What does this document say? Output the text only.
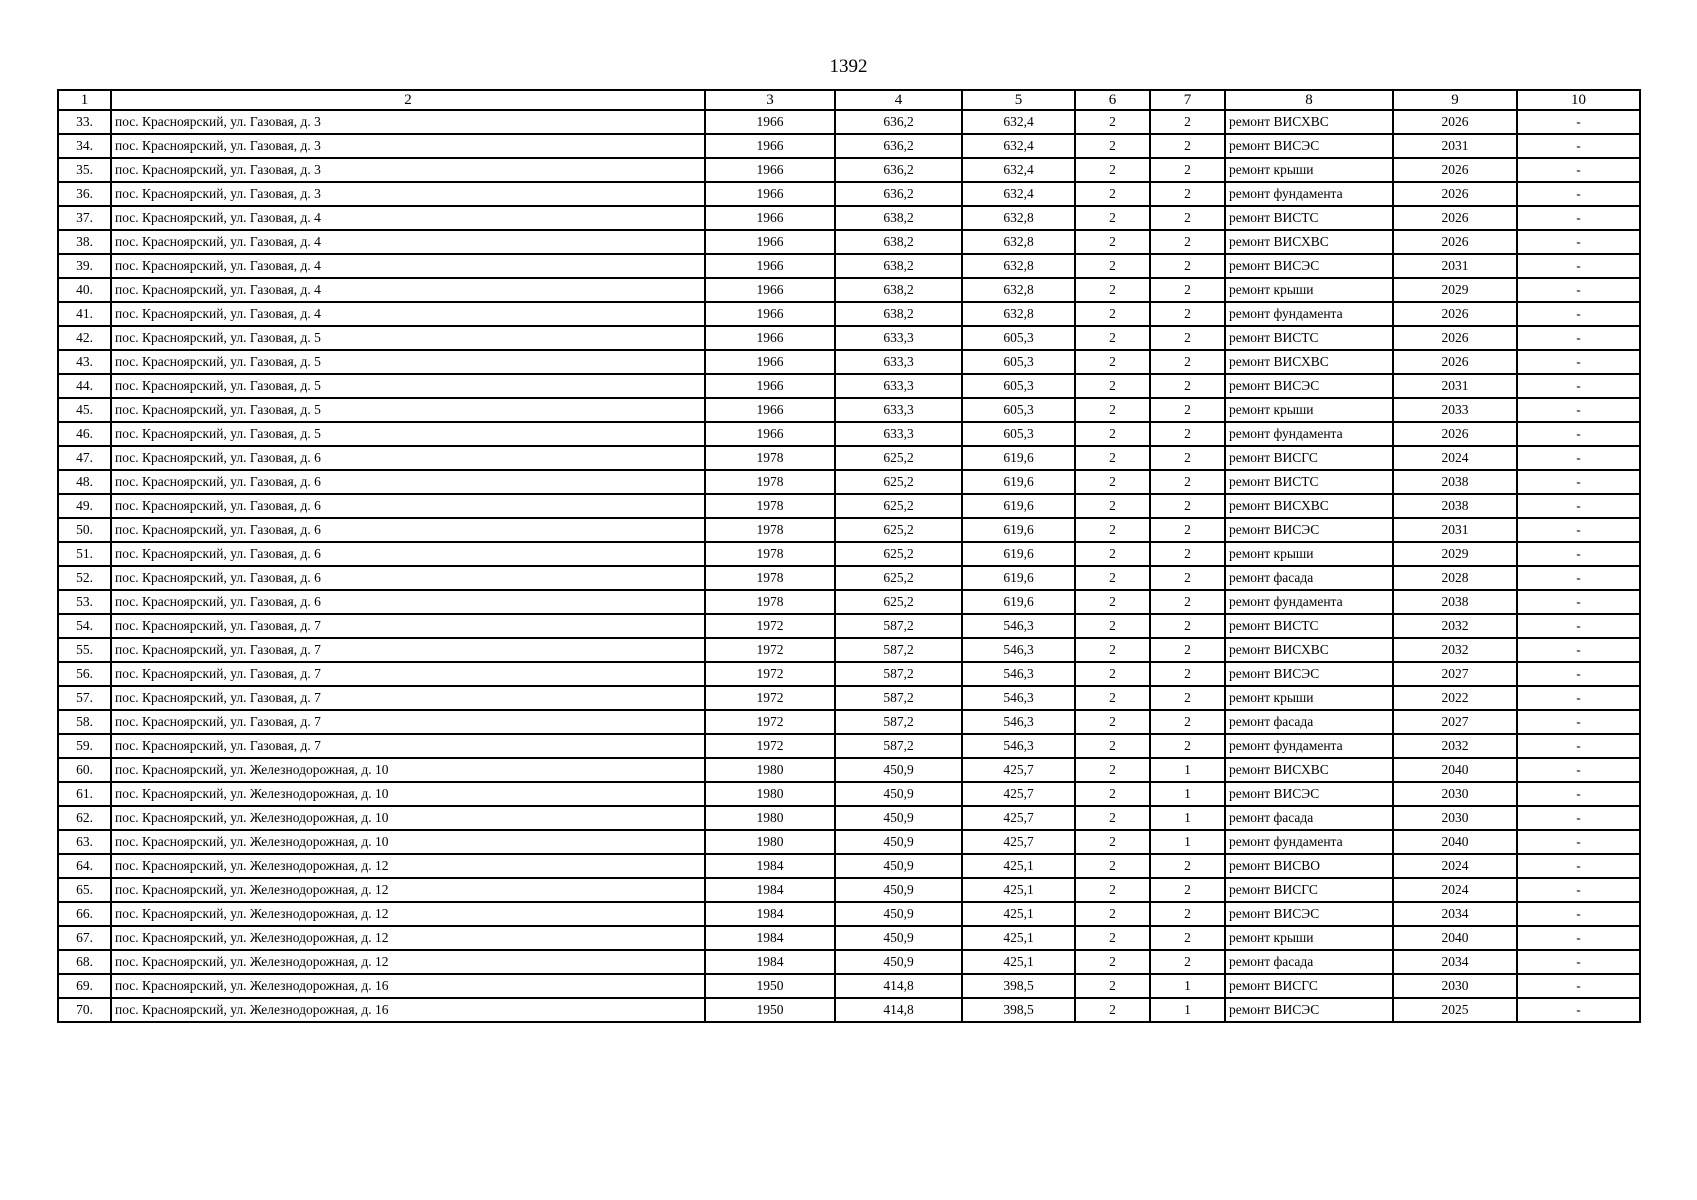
1392
1	2	3	4	5	6	7	8	9	10
33.	пос. Красноярский, ул. Газовая, д. 3	1966	636,2	632,4	2	2	ремонт ВИСХВС	2026	-
34.	пос. Красноярский, ул. Газовая, д. 3	1966	636,2	632,4	2	2	ремонт ВИСЭС	2031	-
35.	пос. Красноярский, ул. Газовая, д. 3	1966	636,2	632,4	2	2	ремонт крыши	2026	-
36.	пос. Красноярский, ул. Газовая, д. 3	1966	636,2	632,4	2	2	ремонт фундамента	2026	-
37.	пос. Красноярский, ул. Газовая, д. 4	1966	638,2	632,8	2	2	ремонт ВИСТС	2026	-
38.	пос. Красноярский, ул. Газовая, д. 4	1966	638,2	632,8	2	2	ремонт ВИСХВС	2026	-
39.	пос. Красноярский, ул. Газовая, д. 4	1966	638,2	632,8	2	2	ремонт ВИСЭС	2031	-
40.	пос. Красноярский, ул. Газовая, д. 4	1966	638,2	632,8	2	2	ремонт крыши	2029	-
41.	пос. Красноярский, ул. Газовая, д. 4	1966	638,2	632,8	2	2	ремонт фундамента	2026	-
42.	пос. Красноярский, ул. Газовая, д. 5	1966	633,3	605,3	2	2	ремонт ВИСТС	2026	-
43.	пос. Красноярский, ул. Газовая, д. 5	1966	633,3	605,3	2	2	ремонт ВИСХВС	2026	-
44.	пос. Красноярский, ул. Газовая, д. 5	1966	633,3	605,3	2	2	ремонт ВИСЭС	2031	-
45.	пос. Красноярский, ул. Газовая, д. 5	1966	633,3	605,3	2	2	ремонт крыши	2033	-
46.	пос. Красноярский, ул. Газовая, д. 5	1966	633,3	605,3	2	2	ремонт фундамента	2026	-
47.	пос. Красноярский, ул. Газовая, д. 6	1978	625,2	619,6	2	2	ремонт ВИСГС	2024	-
48.	пос. Красноярский, ул. Газовая, д. 6	1978	625,2	619,6	2	2	ремонт ВИСТС	2038	-
49.	пос. Красноярский, ул. Газовая, д. 6	1978	625,2	619,6	2	2	ремонт ВИСХВС	2038	-
50.	пос. Красноярский, ул. Газовая, д. 6	1978	625,2	619,6	2	2	ремонт ВИСЭС	2031	-
51.	пос. Красноярский, ул. Газовая, д. 6	1978	625,2	619,6	2	2	ремонт крыши	2029	-
52.	пос. Красноярский, ул. Газовая, д. 6	1978	625,2	619,6	2	2	ремонт фасада	2028	-
53.	пос. Красноярский, ул. Газовая, д. 6	1978	625,2	619,6	2	2	ремонт фундамента	2038	-
54.	пос. Красноярский, ул. Газовая, д. 7	1972	587,2	546,3	2	2	ремонт ВИСТС	2032	-
55.	пос. Красноярский, ул. Газовая, д. 7	1972	587,2	546,3	2	2	ремонт ВИСХВС	2032	-
56.	пос. Красноярский, ул. Газовая, д. 7	1972	587,2	546,3	2	2	ремонт ВИСЭС	2027	-
57.	пос. Красноярский, ул. Газовая, д. 7	1972	587,2	546,3	2	2	ремонт крыши	2022	-
58.	пос. Красноярский, ул. Газовая, д. 7	1972	587,2	546,3	2	2	ремонт фасада	2027	-
59.	пос. Красноярский, ул. Газовая, д. 7	1972	587,2	546,3	2	2	ремонт фундамента	2032	-
60.	пос. Красноярский, ул. Железнодорожная, д. 10	1980	450,9	425,7	2	1	ремонт ВИСХВС	2040	-
61.	пос. Красноярский, ул. Железнодорожная, д. 10	1980	450,9	425,7	2	1	ремонт ВИСЭС	2030	-
62.	пос. Красноярский, ул. Железнодорожная, д. 10	1980	450,9	425,7	2	1	ремонт фасада	2030	-
63.	пос. Красноярский, ул. Железнодорожная, д. 10	1980	450,9	425,7	2	1	ремонт фундамента	2040	-
64.	пос. Красноярский, ул. Железнодорожная, д. 12	1984	450,9	425,1	2	2	ремонт ВИСВО	2024	-
65.	пос. Красноярский, ул. Железнодорожная, д. 12	1984	450,9	425,1	2	2	ремонт ВИСГС	2024	-
66.	пос. Красноярский, ул. Железнодорожная, д. 12	1984	450,9	425,1	2	2	ремонт ВИСЭС	2034	-
67.	пос. Красноярский, ул. Железнодорожная, д. 12	1984	450,9	425,1	2	2	ремонт крыши	2040	-
68.	пос. Красноярский, ул. Железнодорожная, д. 12	1984	450,9	425,1	2	2	ремонт фасада	2034	-
69.	пос. Красноярский, ул. Железнодорожная, д. 16	1950	414,8	398,5	2	1	ремонт ВИСГС	2030	-
70.	пос. Красноярский, ул. Железнодорожная, д. 16	1950	414,8	398,5	2	1	ремонт ВИСЭС	2025	-
